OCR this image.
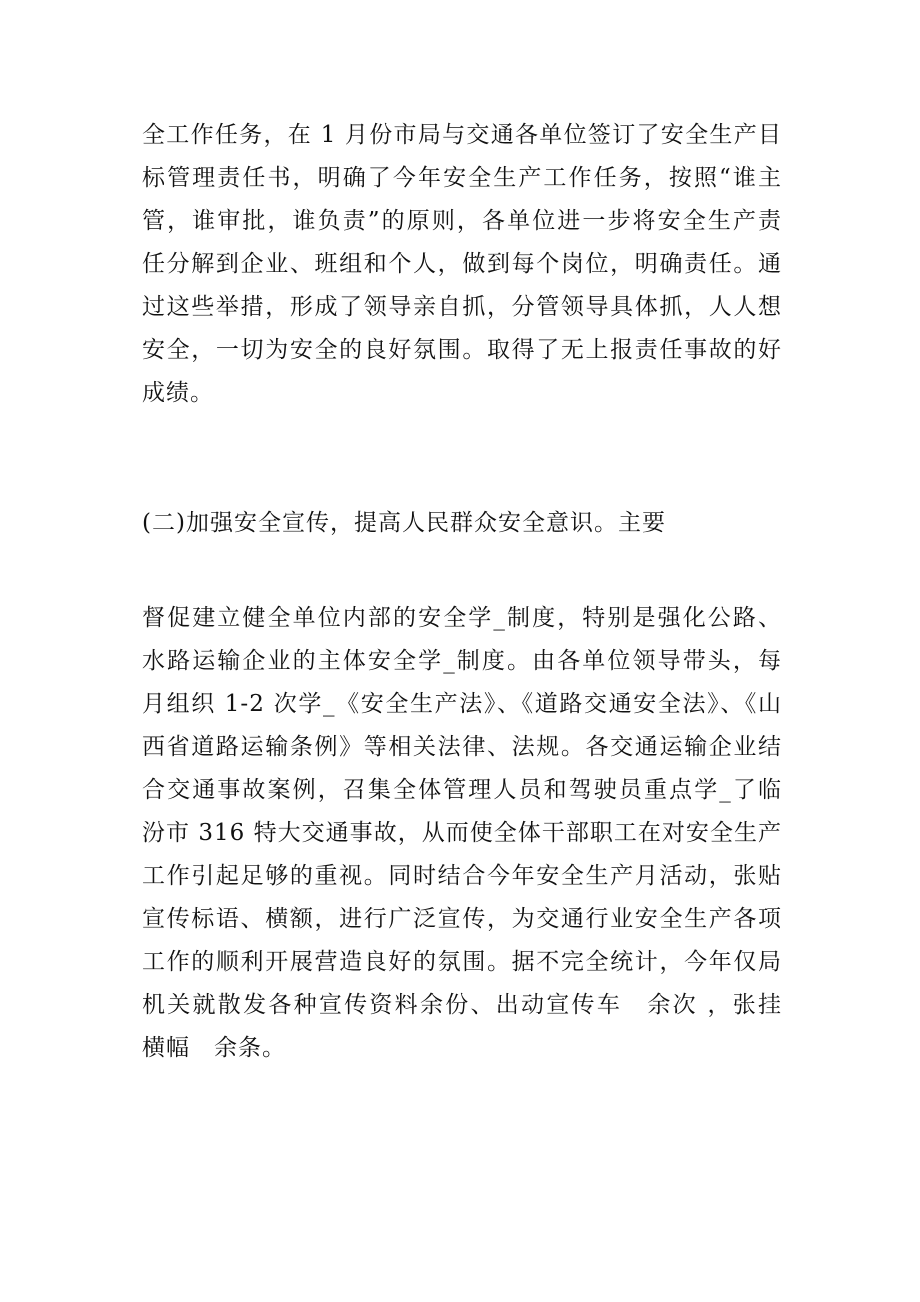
全工作任务，在 1 月份市局与交通各单位签订了安全生产目
标管理责任书，明确了今年安全生产工作任务，按照“谁主
管，谁审批，谁负责”的原则，各单位进一步将安全生产责
任分解到企业、班组和个人，做到每个岗位，明确责任。通
过这些举措，形成了领导亲自抓，分管领导具体抓，人人想
安全，一切为安全的良好氛围。取得了无上报责任事故的好
成绩。
(二)加强安全宣传，提高人民群众安全意识。主要
督促建立健全单位内部的安全学_制度，特别是强化公路、
水路运输企业的主体安全学_制度。由各单位领导带头，每
月组织 1-2 次学_《安全生产法》、《道路交通安全法》、《山
西省道路运输条例》等相关法律、法规。各交通运输企业结
合交通事故案例，召集全体管理人员和驾驶员重点学_了临
汾市 316 特大交通事故，从而使全体干部职工在对安全生产
工作引起足够的重视。同时结合今年安全生产月活动，张贴
宣传标语、横额，进行广泛宣传，为交通行业安全生产各项
工作的顺利开展营造良好的氛围。据不完全统计，今年仅局
机关就散发各种宣传资料余份、出动宣传车　余次 ，张挂
横幅　余条。
